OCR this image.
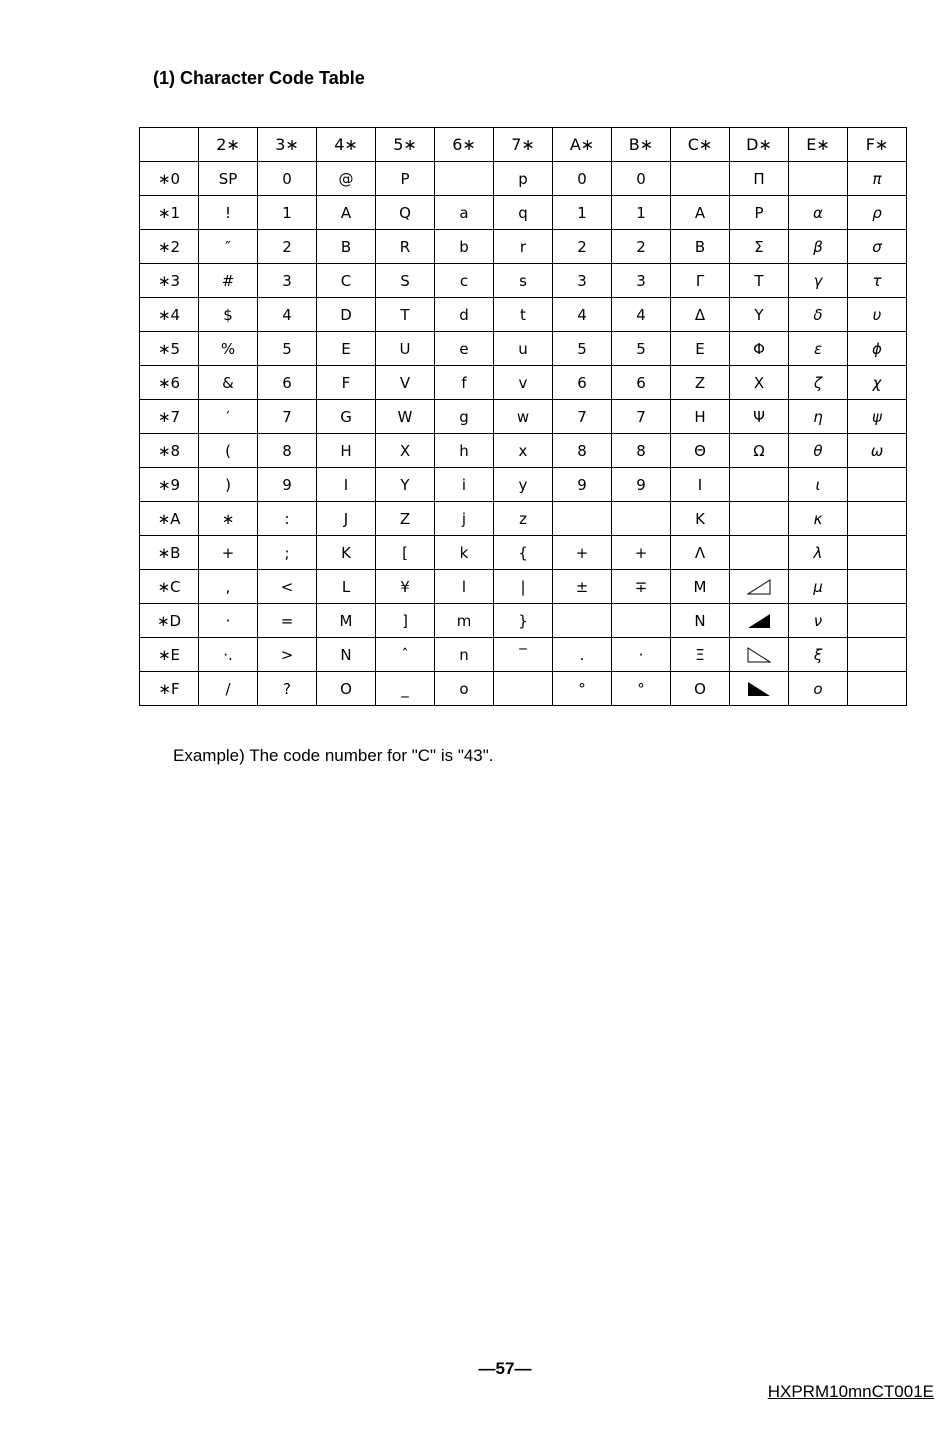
(1) Character Code Table
	2∗	3∗	4∗	5∗	6∗	7∗	A∗	B∗	C∗	D∗	E∗	F∗
∗0	SP	0	@	P		p	0	0		Π		π
∗1	!	1	A	Q	a	q	1	1	A	P	α	ρ
∗2	″	2	B	R	b	r	2	2	B	Σ	β	σ
∗3	#	3	C	S	c	s	3	3	Γ	T	γ	τ
∗4	$	4	D	T	d	t	4	4	Δ	Y	δ	υ
∗5	%	5	E	U	e	u	5	5	E	Φ	ε	ϕ
∗6	&	6	F	V	f	v	6	6	Z	X	ζ	χ
∗7	′	7	G	W	g	w	7	7	H	Ψ	η	ψ
∗8	(	8	H	X	h	x	8	8	Θ	Ω	θ	ω
∗9	)	9	I	Y	i	y	9	9	I		ι	
∗A	∗	:	J	Z	j	z			K		κ	
∗B	+	;	K	[	k	{	+	+	Λ		λ	
∗C	,	<	L	¥	l	|	±	∓	M		μ	
∗D	·	=	M	]	m	}			N		ν	
∗E	·.	>	N	ˆ	n	‾	.	·	Ξ		ξ	
∗F	/	?	O	_	o		°	°	O		o	
Example) The code number for "C" is "43".
—57—
HXPRM10mnCT001E
